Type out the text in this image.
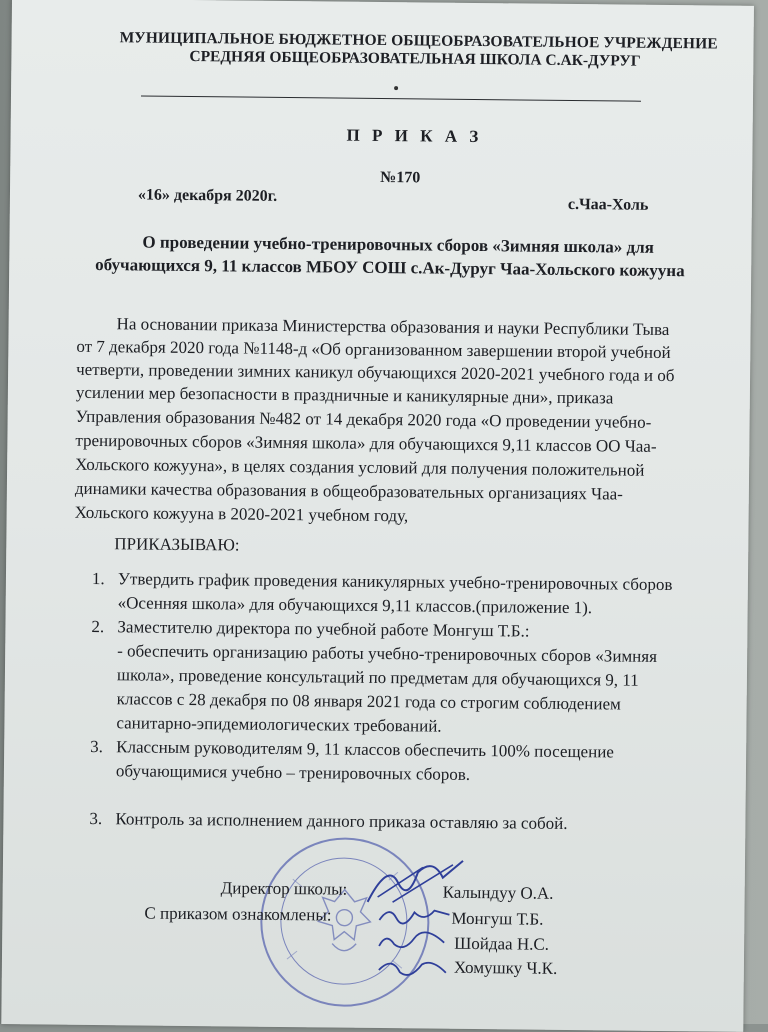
МУНИЦИПАЛЬНОЕ БЮДЖЕТНОЕ ОБЩЕОБРАЗОВАТЕЛЬНОЕ УЧРЕЖДЕНИЕ
СРЕДНЯЯ ОБЩЕОБРАЗОВАТЕЛЬНАЯ ШКОЛА С.АК-ДУРУГ
П Р И К А З
№170
«16» декабря 2020г.	с.Чаа-Холь
О проведении учебно-тренировочных сборов «Зимняя школа» для
обучающихся 9, 11 классов МБОУ СОШ с.Ак-Дуруг Чаа-Хольского кожууна
На основании приказа Министерства образования и науки Республики Тыва
от 7 декабря 2020 года №1148-д «Об организованном завершении второй учебной
четверти, проведении зимних каникул обучающихся 2020-2021 учебного года и об
усилении мер безопасности в праздничные и каникулярные дни», приказа
Управления образования №482 от 14 декабря 2020 года «О проведении учебно-
тренировочных сборов «Зимняя школа» для обучающихся 9,11 классов ОО Чаа-
Хольского кожууна», в целях создания условий для получения положительной
динамики качества образования в общеобразовательных организациях Чаа-
Хольского кожууна в 2020-2021 учебном году,
ПРИКАЗЫВАЮ:
1. Утвердить график проведения каникулярных учебно-тренировочных сборов
«Осенняя школа» для обучающихся 9,11 классов.(приложение 1).
2. Заместителю директора по учебной работе Монгуш Т.Б.:
- обеспечить организацию работы учебно-тренировочных сборов «Зимняя
школа», проведение консультаций по предметам для обучающихся 9, 11
классов с 28 декабря по 08 января 2021 года со строгим соблюдением
санитарно-эпидемиологических требований.
3. Классным руководителям 9, 11 классов обеспечить 100% посещение
обучающимися учебно – тренировочных сборов.
3. Контроль за исполнением данного приказа оставляю за собой.
Директор школы:	Калындуу О.А.
С приказом ознакомлены:	Монгуш Т.Б.
Шойдаа Н.С.
Хомушку Ч.К.
